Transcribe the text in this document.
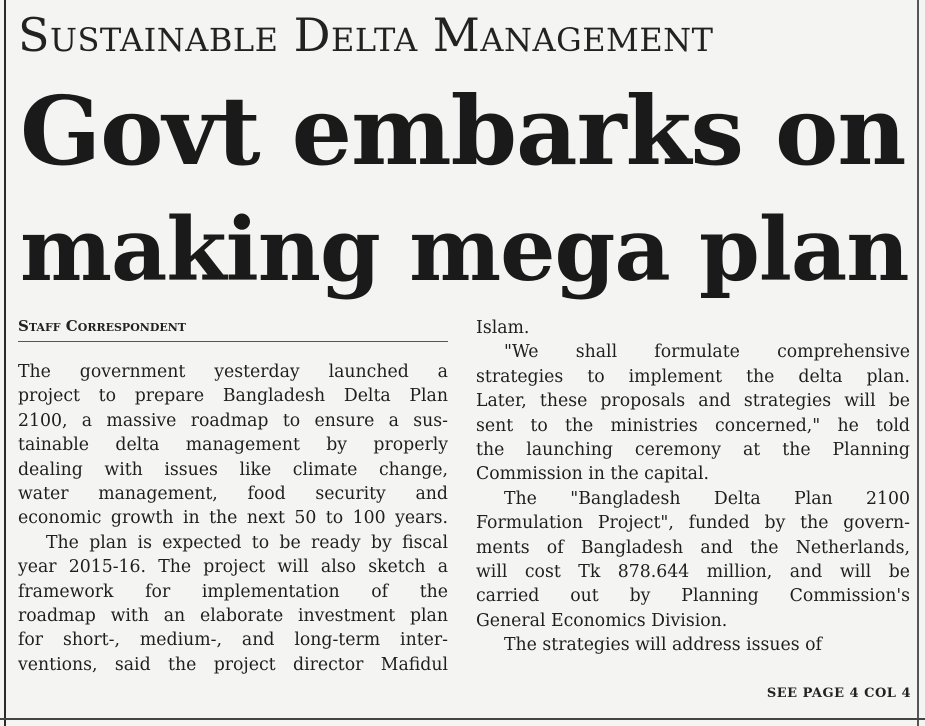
Sustainable Delta Management
Govt embarks on
making mega plan
Staff Correspondent
The government yesterday launched a
project to prepare Bangladesh Delta Plan
2100, a massive roadmap to ensure a sus-
tainable delta management by properly
dealing with issues like climate change,
water management, food security and
economic growth in the next 50 to 100 years.
The plan is expected to be ready by fiscal
year 2015-16. The project will also sketch a
framework for implementation of the
roadmap with an elaborate investment plan
for short-, medium-, and long-term inter-
ventions, said the project director Mafidul
Islam.
"We shall formulate comprehensive
strategies to implement the delta plan.
Later, these proposals and strategies will be
sent to the ministries concerned," he told
the launching ceremony at the Planning
Commission in the capital.
The "Bangladesh Delta Plan 2100
Formulation Project", funded by the govern-
ments of Bangladesh and the Netherlands,
will cost Tk 878.644 million, and will be
carried out by Planning Commission's
General Economics Division.
The strategies will address issues of
SEE PAGE 4 COL 4
